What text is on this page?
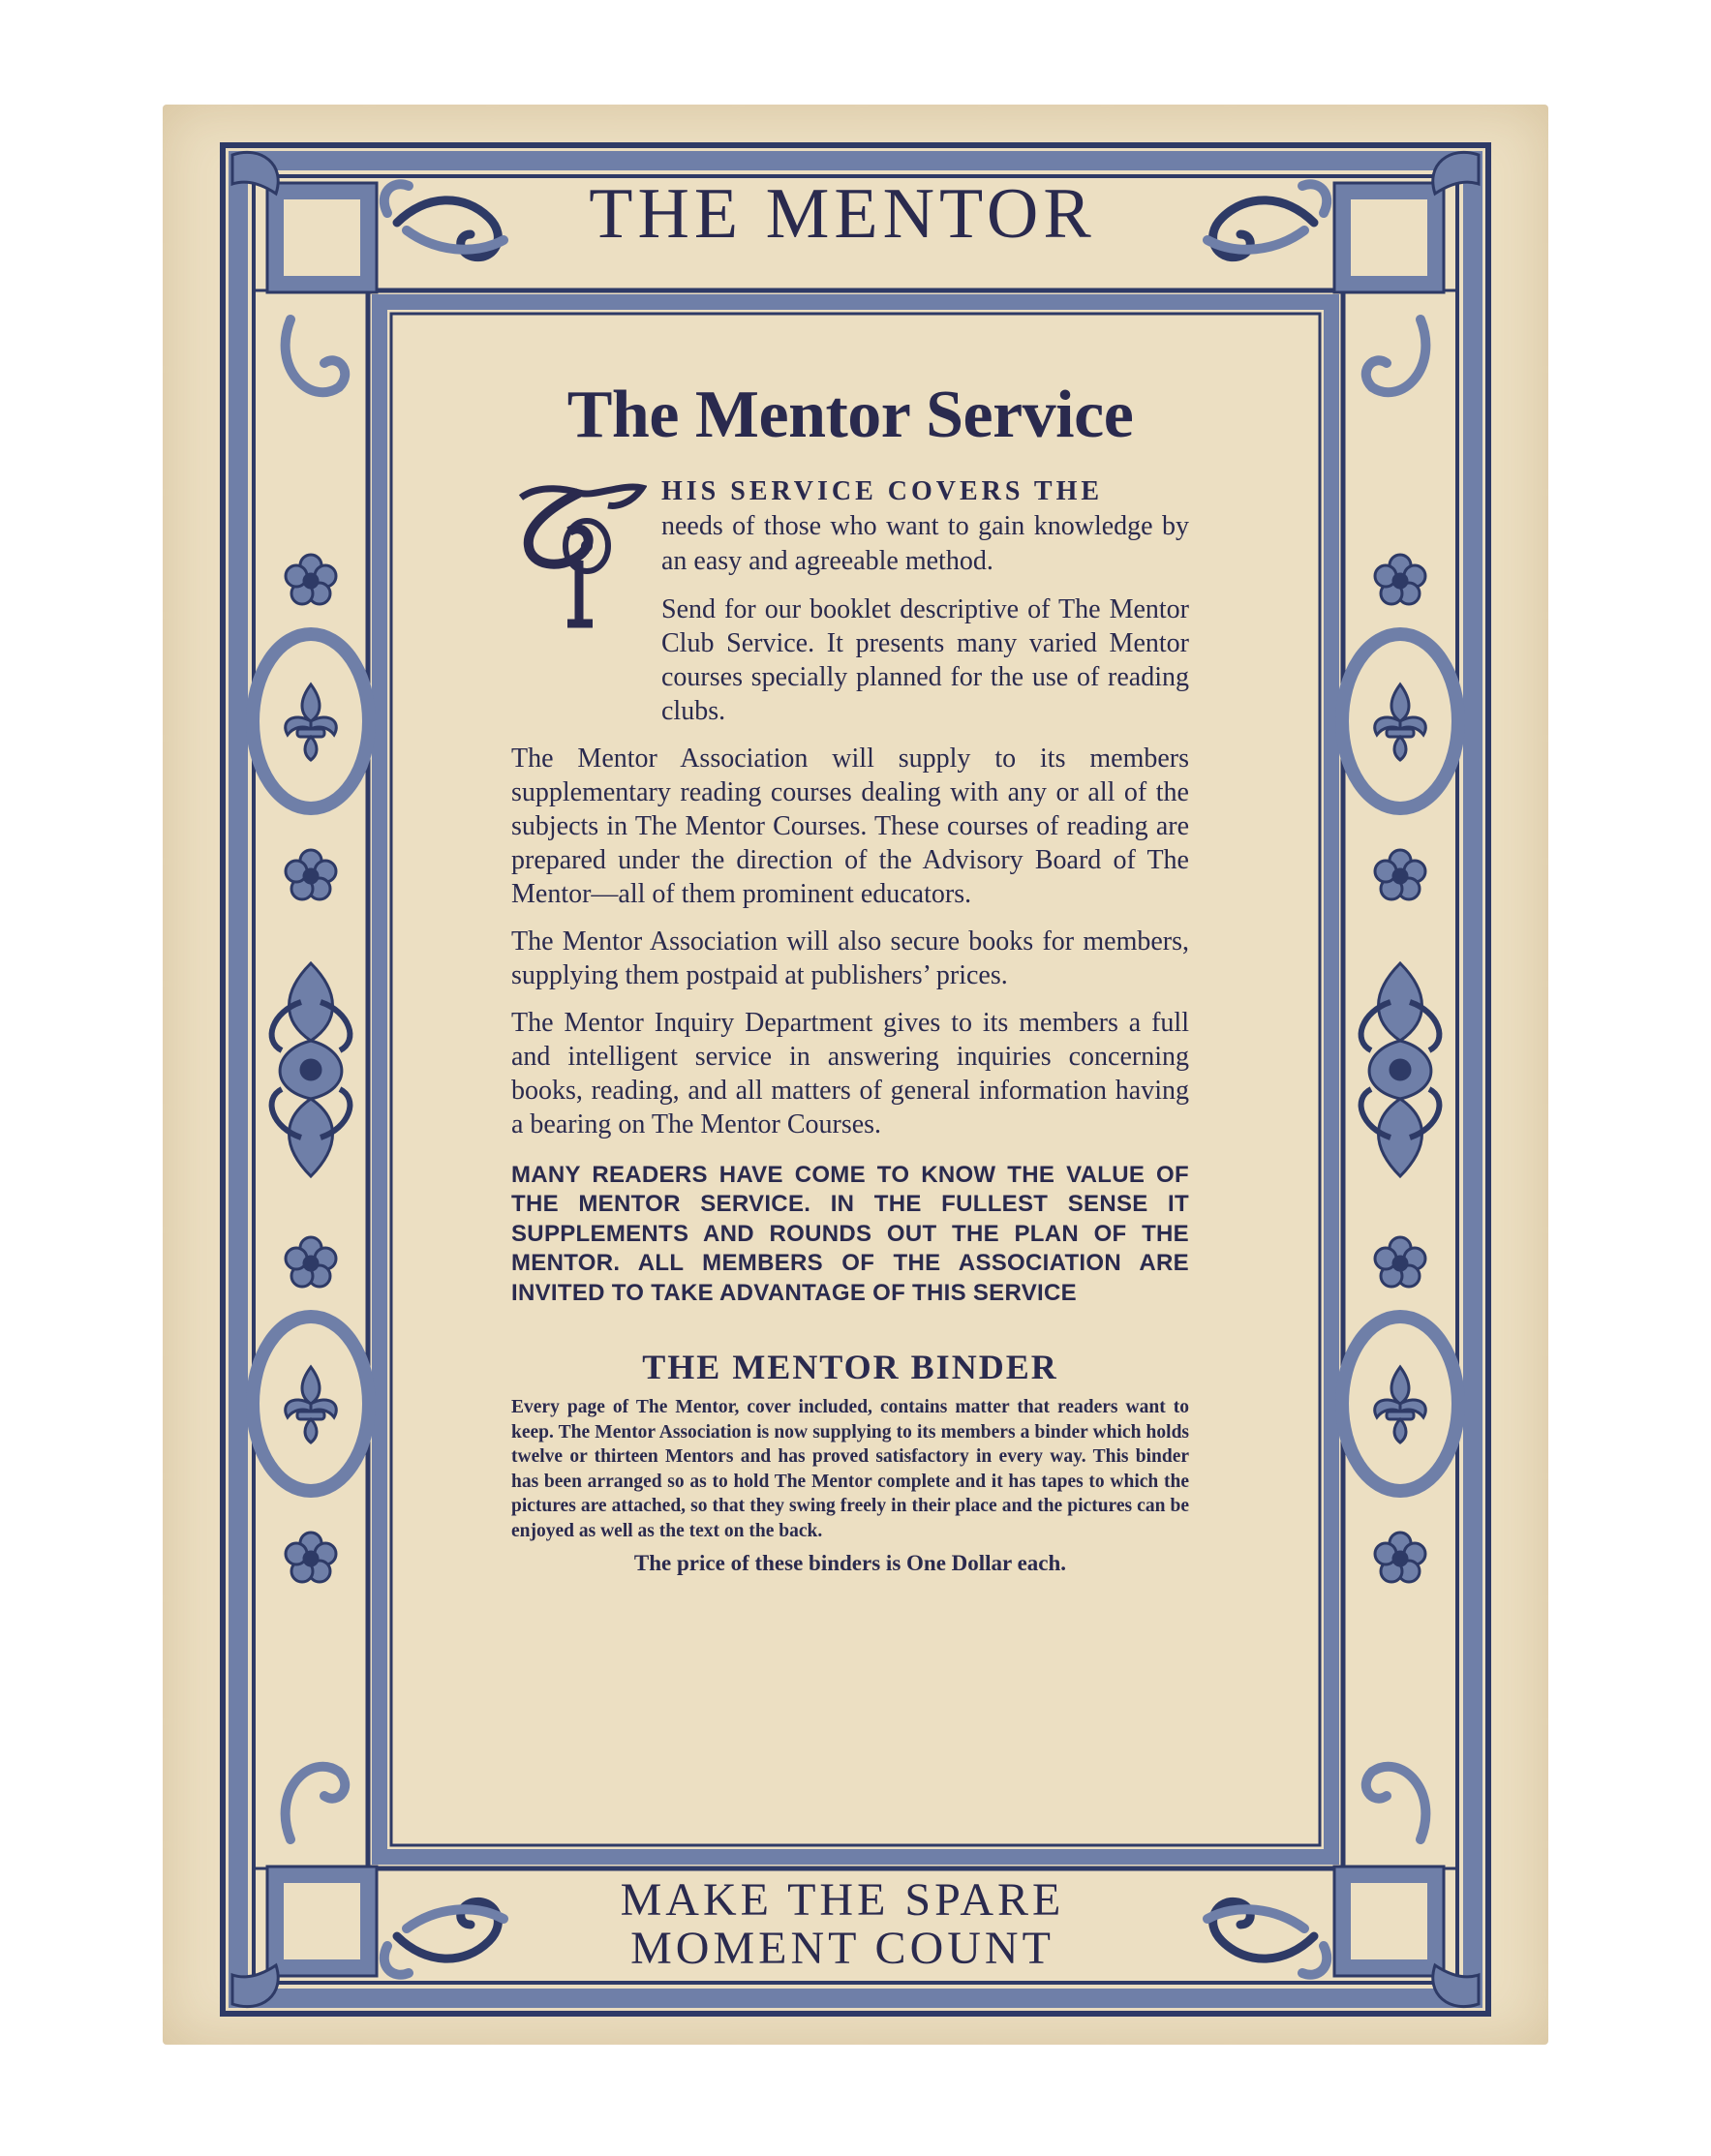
THE MENTOR
The Mentor Service
HIS SERVICE COVERS THE
needs of those who want to gain knowledge by an easy and agreeable method.

Send for our booklet descriptive of The Mentor Club Service. It presents many varied Mentor courses specially planned for the use of reading clubs.

The Mentor Association will supply to its members supplementary reading courses dealing with any or all of the subjects in The Mentor Courses. These courses of reading are prepared under the direction of the Advisory Board of The Mentor—all of them prominent educators.

The Mentor Association will also secure books for members, supplying them postpaid at publishers’ prices.

The Mentor Inquiry Department gives to its members a full and intelligent service in answering inquiries concerning books, reading, and all matters of general information having a bearing on The Mentor Courses.

MANY READERS HAVE COME TO KNOW THE VALUE OF THE MENTOR SERVICE. IN THE FULLEST SENSE IT SUPPLEMENTS AND ROUNDS OUT THE PLAN OF THE MENTOR. ALL MEMBERS OF THE ASSOCIATION ARE INVITED TO TAKE ADVANTAGE OF THIS SERVICE

THE MENTOR BINDER

Every page of The Mentor, cover included, contains matter that readers want to keep. The Mentor Association is now supplying to its members a binder which holds twelve or thirteen Mentors and has proved satisfactory in every way. This binder has been arranged so as to hold The Mentor complete and it has tapes to which the pictures are attached, so that they swing freely in their place and the pictures can be enjoyed as well as the text on the back.

The price of these binders is One Dollar each.

MAKE THE SPARE
MOMENT COUNT
